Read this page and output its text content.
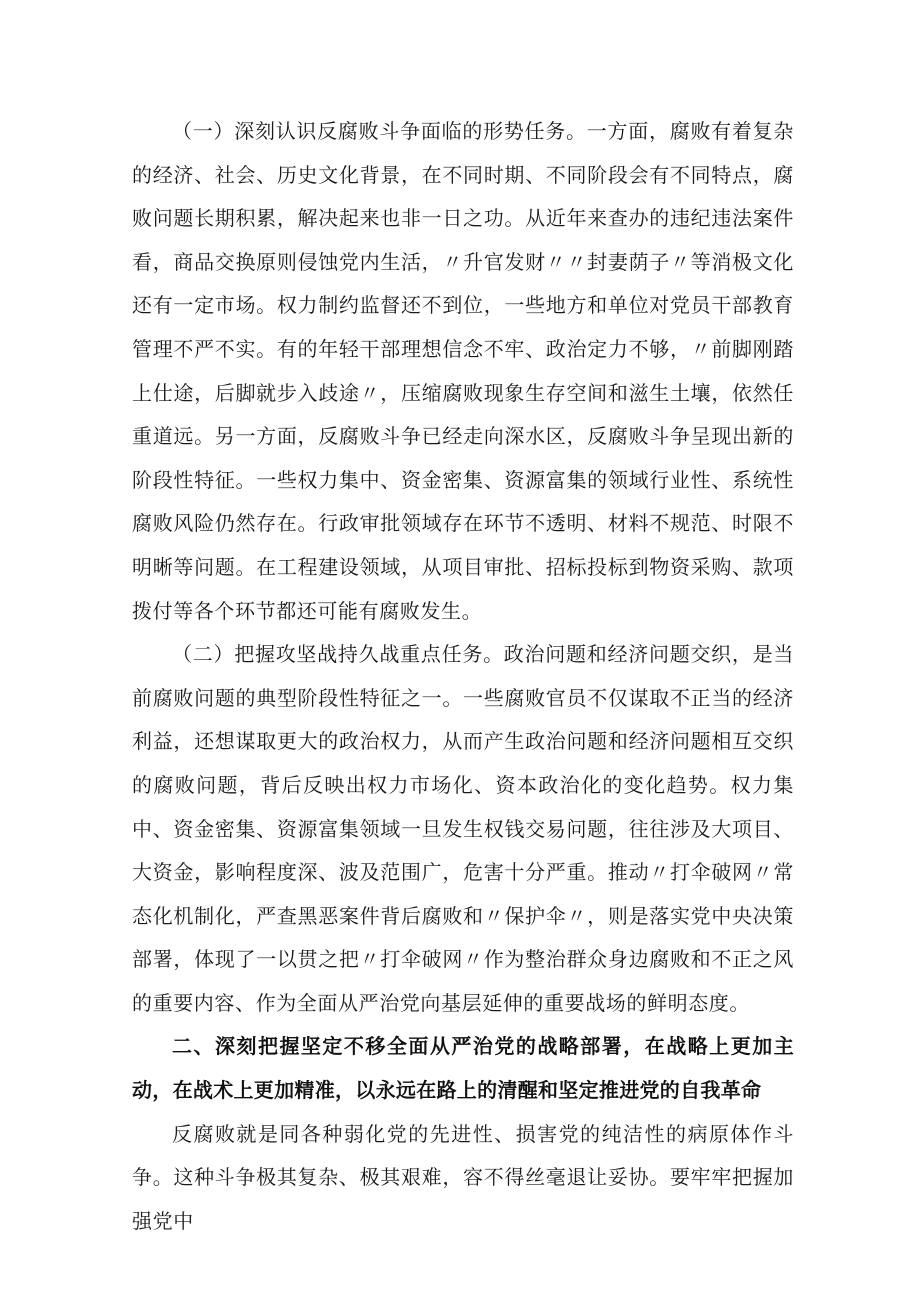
（一）深刻认识反腐败斗争面临的形势任务。一方面，腐败有着复杂的经济、社会、历史文化背景，在不同时期、不同阶段会有不同特点，腐败问题长期积累，解决起来也非一日之功。从近年来查办的违纪违法案件看，商品交换原则侵蚀党内生活，〃升官发财〃〃封妻荫子〃等消极文化还有一定市场。权力制约监督还不到位，一些地方和单位对党员干部教育管理不严不实。有的年轻干部理想信念不牢、政治定力不够，〃前脚刚踏上仕途，后脚就步入歧途〃，压缩腐败现象生存空间和滋生土壤，依然任重道远。另一方面，反腐败斗争已经走向深水区，反腐败斗争呈现出新的阶段性特征。一些权力集中、资金密集、资源富集的领域行业性、系统性腐败风险仍然存在。行政审批领域存在环节不透明、材料不规范、时限不明晰等问题。在工程建设领域，从项目审批、招标投标到物资采购、款项拨付等各个环节都还可能有腐败发生。

（二）把握攻坚战持久战重点任务。政治问题和经济问题交织，是当前腐败问题的典型阶段性特征之一。一些腐败官员不仅谋取不正当的经济利益，还想谋取更大的政治权力，从而产生政治问题和经济问题相互交织的腐败问题，背后反映出权力市场化、资本政治化的变化趋势。权力集中、资金密集、资源富集领域一旦发生权钱交易问题，往往涉及大项目、大资金，影响程度深、波及范围广，危害十分严重。推动〃打伞破网〃常态化机制化，严查黑恶案件背后腐败和〃保护伞〃，则是落实党中央决策部署，体现了一以贯之把〃打伞破网〃作为整治群众身边腐败和不正之风的重要内容、作为全面从严治党向基层延伸的重要战场的鲜明态度。

二、深刻把握坚定不移全面从严治党的战略部署，在战略上更加主动，在战术上更加精准，以永远在路上的清醒和坚定推进党的自我革命

反腐败就是同各种弱化党的先进性、损害党的纯洁性的病原体作斗争。这种斗争极其复杂、极其艰难，容不得丝毫退让妥协。要牢牢把握加强党中
